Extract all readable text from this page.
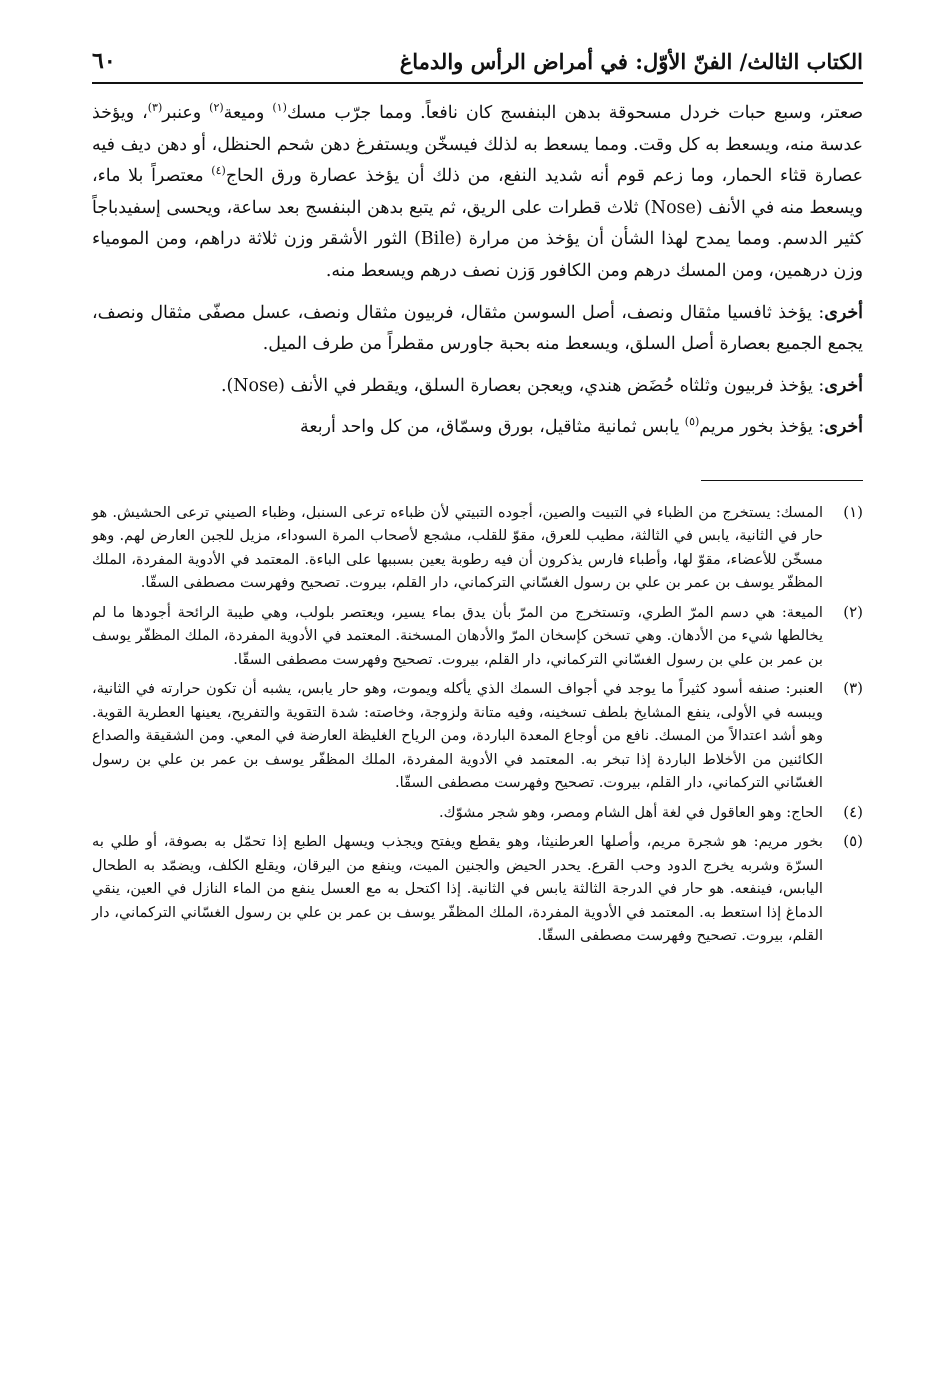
الكتاب الثالث/ الفنّ الأوّل: في أمراض الرأس والدماغ
٦٠

صعتر، وسبع حبات خردل مسحوقة بدهن البنفسج كان نافعاً. ومما جرّب مسك$^{(١)}$ وميعة$^{(٢)}$ وعنبر$^{(٣)}$، ويؤخذ عدسة منه، ويسعط به كل وقت. ومما يسعط به لذلك فيسخّن ويستفرغ دهن شحم الحنظل، أو دهن ديف فيه عصارة قثاء الحمار، وما زعم قوم أنه شديد النفع، من ذلك أن يؤخذ عصارة ورق الحاج$^{(٤)}$ معتصراً بلا ماء، ويسعط منه في الأنف (Nose) ثلاث قطرات على الريق، ثم يتبع بدهن البنفسج بعد ساعة، ويحسى إسفيدباجاً كثير الدسم. ومما يمدح لهذا الشأن أن يؤخذ من مرارة (Bile) الثور الأشقر وزن ثلاثة دراهم، ومن المومياء وزن درهمين، ومن المسك درهم ومن الكافور وَزن نصف درهم ويسعط منه.

أخرى: يؤخذ ثافسيا مثقال ونصف، أصل السوسن مثقال، فربيون مثقال ونصف، عسل مصفّى مثقال ونصف، يجمع الجميع بعصارة أصل السلق، ويسعط منه بحبة جاورس مقطراً من طرف الميل.

أخرى: يؤخذ فربيون وثلثاه حُضَض هندي، ويعجن بعصارة السلق، ويقطر في الأنف (Nose).

أخرى: يؤخذ بخور مريم$^{(٥)}$ يابس ثمانية مثاقيل، بورق وسمّاق، من كل واحد أربعة

(١)

المسك: يستخرج من الظباء في التبيت والصين، أجوده التبيتي لأن ظباءه ترعى السنبل، وظباء الصيني ترعى الحشيش. هو حار في الثانية، يابس في الثالثة، مطيب للعرق، مقوّ للقلب، مشجع لأصحاب المرة السوداء، مزيل للجبن العارض لهم. وهو مسخّن للأعضاء، مقوّ لها، وأطباء فارس يذكرون أن فيه رطوبة يعين بسببها على الباءة. المعتمد في الأدوية المفردة، الملك المظفّر يوسف بن عمر بن علي بن رسول الغسّاني التركماني، دار القلم، بيروت. تصحيح وفهرست مصطفى السقّا.

(٢)

الميعة: هي دسم المرّ الطري، وتستخرج من المرّ بأن يدق بماء يسير، ويعتصر بلولب، وهي طيبة الرائحة أجودها ما لم يخالطها شيء من الأدهان. وهي تسخن كإسخان المرّ والأدهان المسخنة. المعتمد في الأدوية المفردة، الملك المظفّر يوسف بن عمر بن علي بن رسول الغسّاني التركماني، دار القلم، بيروت. تصحيح وفهرست مصطفى السقّا.

(٣)

العنبر: صنفه أسود كثيراً ما يوجد في أجواف السمك الذي يأكله ويموت، وهو حار يابس، يشبه أن تكون حرارته في الثانية، ويبسه في الأولى، ينفع المشايخ بلطف تسخينه، وفيه متانة ولزوجة، وخاصته: شدة التقوية والتفريح، يعينها العطرية القوية. وهو أشد اعتدالاً من المسك. نافع من أوجاع المعدة الباردة، ومن الرياح الغليظة العارضة في المعي. ومن الشقيقة والصداع الكائنين من الأخلاط الباردة إذا تبخر به. المعتمد في الأدوية المفردة، الملك المظفّر يوسف بن عمر بن علي بن رسول الغسّاني التركماني، دار القلم، بيروت. تصحيح وفهرست مصطفى السقّا.

(٤)

الحاج: وهو العاقول في لغة أهل الشام ومصر، وهو شجر مشوّك.

(٥)

بخور مريم: هو شجرة مريم، وأصلها العرطنيثا، وهو يقطع ويفتح ويجذب ويسهل الطبع إذا تحمّل به بصوفة، أو طلي به السرّة وشربه يخرج الدود وحب القرع. يحدر الحيض والجنين الميت، وينفع من اليرقان، ويقلع الكلف، ويضمّد به الطحال اليابس، فينفعه. هو حار في الدرجة الثالثة يابس في الثانية. إذا اكتحل به مع العسل ينفع من الماء النازل في العين، ينقي الدماغ إذا استعط به. المعتمد في الأدوية المفردة، الملك المظفّر يوسف بن عمر بن علي بن رسول الغسّاني التركماني، دار القلم، بيروت. تصحيح وفهرست مصطفى السقّا.
